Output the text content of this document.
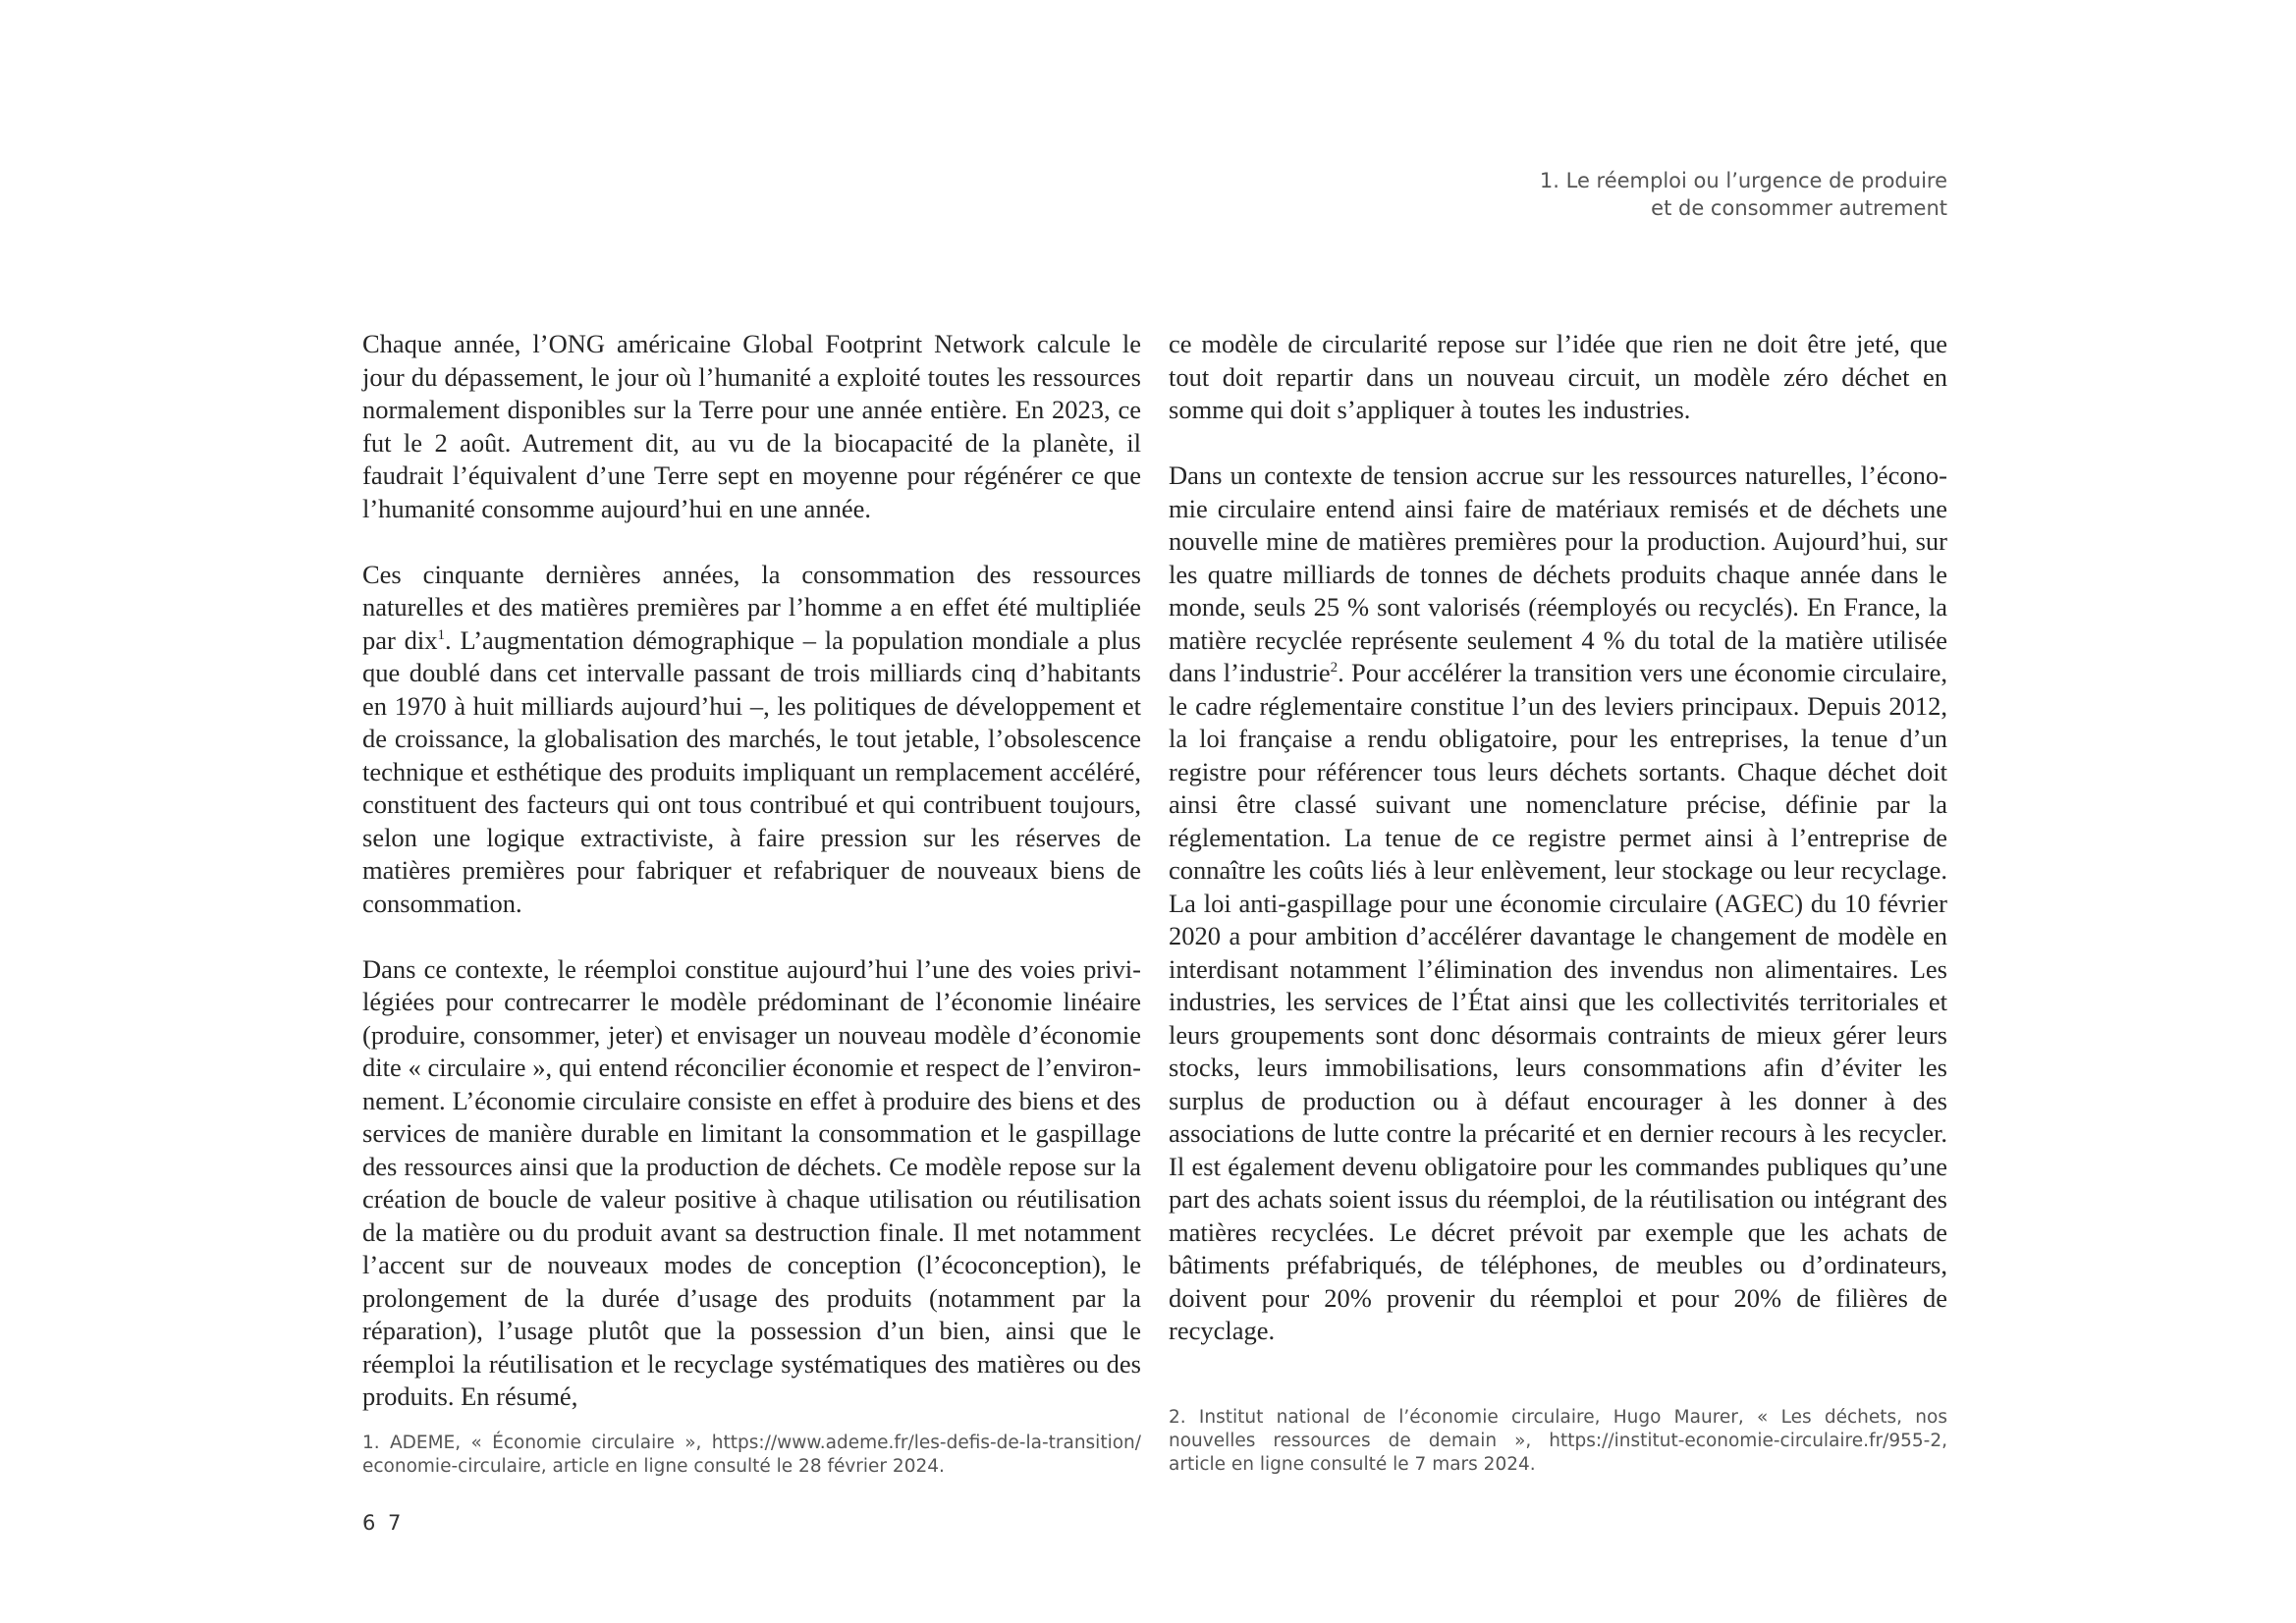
1. Le réemploi ou l’urgence de produire
et de consommer autrement

Chaque année, l’ONG américaine Global Footprint Network calcule le jour du dépassement, le jour où l’humanité a exploité toutes les ressources normalement disponibles sur la Terre pour une année entière. En 2023, ce fut le 2 août. Autrement dit, au vu de la biocapacité de la planète, il faudrait l’équivalent d’une Terre sept en moyenne pour régénérer ce que l’humanité consomme aujourd’hui en une année.

Ces cinquante dernières années, la consommation des ressources naturelles et des matières premières par l’homme a en effet été multipliée par dix$^1$. L’augmentation démographique – la population mondiale a plus que doublé dans cet intervalle passant de trois milliards cinq d’habitants en 1970 à huit milliards aujourd’hui –, les politiques de développement et de croissance, la globalisation des marchés, le tout jetable, l’obsolescence technique et esthétique des produits impliquant un remplacement accéléré, constituent des facteurs qui ont tous contribué et qui contribuent toujours, selon une logique extractiviste, à faire pression sur les réserves de matières premières pour fabriquer et refabriquer de nouveaux biens de consommation.

Dans ce contexte, le réemploi constitue aujourd’hui l’une des voies privilégiées pour contrecarrer le modèle prédominant de l’économie linéaire (produire, consommer, jeter) et envisager un nouveau modèle d’économie dite « circulaire », qui entend réconcilier économie et respect de l’environnement. L’économie circulaire consiste en effet à produire des biens et des services de manière durable en limitant la consommation et le gaspillage des ressources ainsi que la production de déchets. Ce modèle repose sur la création de boucle de valeur positive à chaque utilisation ou réutilisation de la matière ou du produit avant sa destruction finale. Il met notamment l’accent sur de nouveaux modes de conception (l’écoconception), le prolongement de la durée d’usage des produits (notamment par la réparation), l’usage plutôt que la possession d’un bien, ainsi que le réemploi la réutilisation et le recyclage systématiques des matières ou des produits. En résumé,

ce modèle de circularité repose sur l’idée que rien ne doit être jeté, que tout doit repartir dans un nouveau circuit, un modèle zéro déchet en somme qui doit s’appliquer à toutes les industries.

Dans un contexte de tension accrue sur les ressources naturelles, l’économie circulaire entend ainsi faire de matériaux remisés et de déchets une nouvelle mine de matières premières pour la production. Aujourd’hui, sur les quatre milliards de tonnes de déchets produits chaque année dans le monde, seuls 25 % sont valorisés (réemployés ou recyclés). En France, la matière recyclée représente seulement 4 % du total de la matière utilisée dans l’industrie$^2$. Pour accélérer la transition vers une économie circulaire, le cadre réglementaire constitue l’un des leviers principaux. Depuis 2012, la loi française a rendu obligatoire, pour les entreprises, la tenue d’un registre pour référencer tous leurs déchets sortants. Chaque déchet doit ainsi être classé suivant une nomenclature précise, définie par la réglementation. La tenue de ce registre permet ainsi à l’entreprise de connaître les coûts liés à leur enlèvement, leur stockage ou leur recyclage. La loi anti-gaspillage pour une économie circulaire (AGEC) du 10 février 2020 a pour ambition d’accélérer davantage le changement de modèle en interdisant notamment l’élimination des invendus non alimentaires. Les industries, les services de l’État ainsi que les collectivités territoriales et leurs groupements sont donc désormais contraints de mieux gérer leurs stocks, leurs immobilisations, leurs consommations afin d’éviter les surplus de production ou à défaut encourager à les donner à des associations de lutte contre la précarité et en dernier recours à les recycler. Il est également devenu obligatoire pour les commandes publiques qu’une part des achats soient issus du réemploi, de la réutilisation ou intégrant des matières recyclées. Le décret prévoit par exemple que les achats de bâtiments préfabriqués, de téléphones, de meubles ou d’ordinateurs, doivent pour 20% provenir du réemploi et pour 20% de filières de recyclage.

1. ADEME, « Économie circulaire », https://www.ademe.fr/les-defis-de-la-transition/ economie-circulaire, article en ligne consulté le 28 février 2024.
2. Institut national de l’économie circulaire, Hugo Maurer, « Les déchets, nos nouvelles ressources de demain », https://institut-economie-circulaire.fr/955-2, article en ligne consulté le 7 mars 2024.
6 7
